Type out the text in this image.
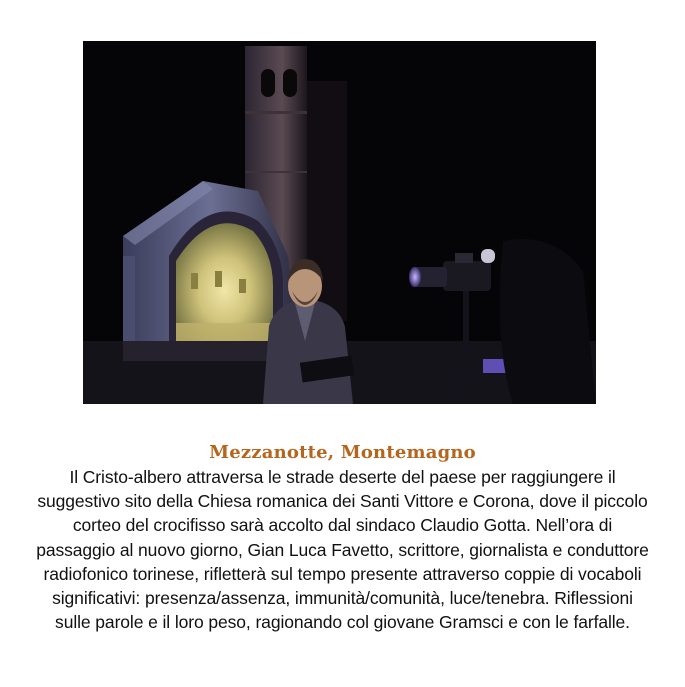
Mezzanotte, Montemagno

Il Cristo-albero attraversa le strade deserte del paese per raggiungere il
suggestivo sito della Chiesa romanica dei Santi Vittore e Corona, dove il piccolo
corteo del crocifisso sarà accolto dal sindaco Claudio Gotta. Nell’ora di
passaggio al nuovo giorno, Gian Luca Favetto, scrittore, giornalista e conduttore
radiofonico torinese, rifletterà sul tempo presente attraverso coppie di vocaboli
significativi: presenza/assenza, immunità/comunità, luce/tenebra. Riflessioni
sulle parole e il loro peso, ragionando col giovane Gramsci e con le farfalle.
